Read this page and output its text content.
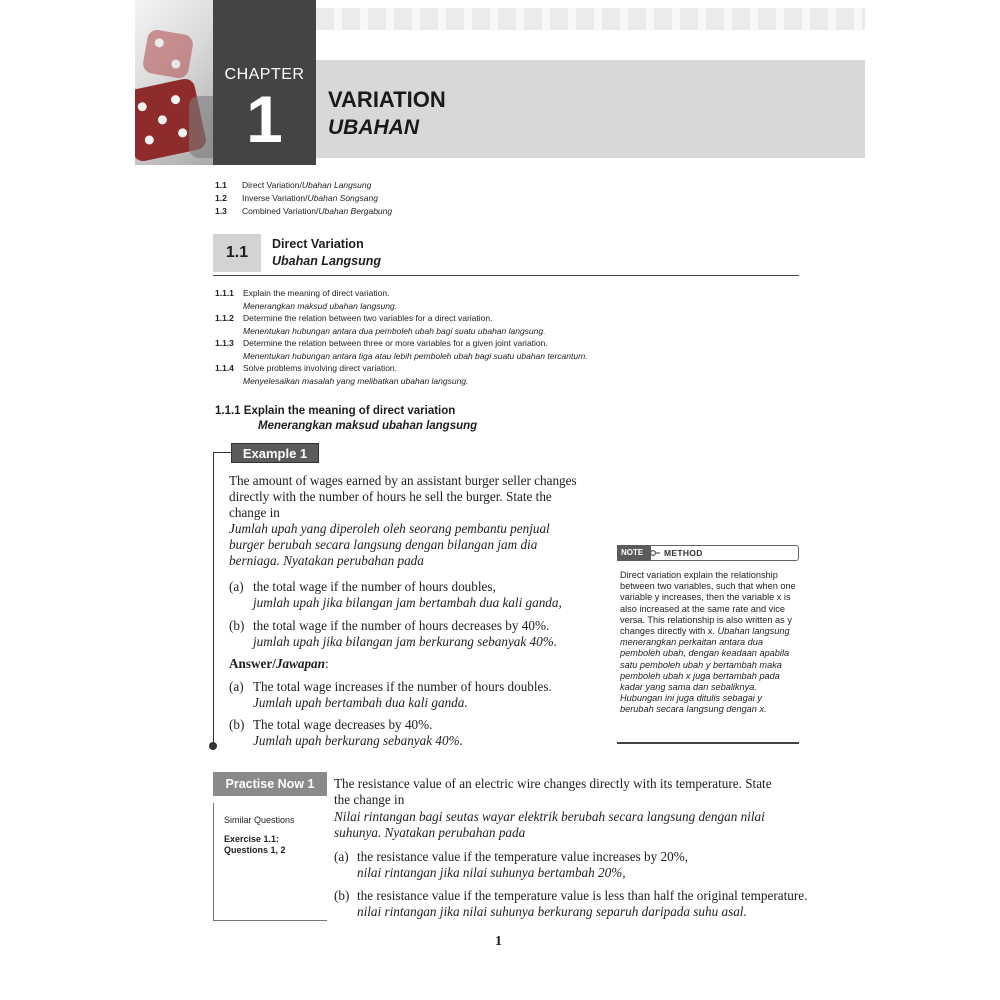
CHAPTER
1	VARIATION
UBAHAN
1.1 Direct Variation/Ubahan Langsung
1.2 Inverse Variation/Ubahan Songsang
1.3 Combined Variation/Ubahan Bergabung
1.1	Direct Variation
Ubahan Langsung
1.1.1 Explain the meaning of direct variation.
Menerangkan maksud ubahan langsung.
1.1.2 Determine the relation between two variables for a direct variation.
Menentukan hubungan antara dua pemboleh ubah bagi suatu ubahan langsung.
1.1.3 Determine the relation between three or more variables for a given joint variation.
Menentukan hubungan antara tiga atau lebih pemboleh ubah bagi suatu ubahan tercantum.
1.1.4 Solve problems involving direct variation.
Menyelesaikan masalah yang melibatkan ubahan langsung.
1.1.1 Explain the meaning of direct variation
Menerangkan maksud ubahan langsung
Example 1
The amount of wages earned by an assistant burger seller changes
directly with the number of hours he sell the burger. State the
change in
Jumlah upah yang diperoleh oleh seorang pembantu penjual
burger berubah secara langsung dengan bilangan jam dia
berniaga. Nyatakan perubahan pada
(a) the total wage if the number of hours doubles,
jumlah upah jika bilangan jam bertambah dua kali ganda,
(b) the total wage if the number of hours decreases by 40%.
jumlah upah jika bilangan jam berkurang sebanyak 40%.
Answer/Jawapan:
(a) The total wage increases if the number of hours doubles.
Jumlah upah bertambah dua kali ganda.
(b) The total wage decreases by 40%.
Jumlah upah berkurang sebanyak 40%.
NOTE	METHOD
Direct variation explain the relationship between two variables, such that when one variable y increases, then the variable x is also increased at the same rate and vice versa. This relationship is also written as y changes directly with x. Ubahan langsung menerangkan perkaitan antara dua pemboleh ubah, dengan keadaan apabila satu pemboleh ubah y bertambah maka pemboleh ubah x juga bertambah pada kadar yang sama dan sebaliknya. Hubungan ini juga ditulis sebagai y berubah secara langsung dengan x.
Practise Now 1
Similar Questions
Exercise 1.1:
Questions 1, 2
The resistance value of an electric wire changes directly with its temperature. State
the change in
Nilai rintangan bagi seutas wayar elektrik berubah secara langsung dengan nilai
suhunya. Nyatakan perubahan pada
(a) the resistance value if the temperature value increases by 20%,
nilai rintangan jika nilai suhunya bertambah 20%,
(b) the resistance value if the temperature value is less than half the original temperature.
nilai rintangan jika nilai suhunya berkurang separuh daripada suhu asal.
1
